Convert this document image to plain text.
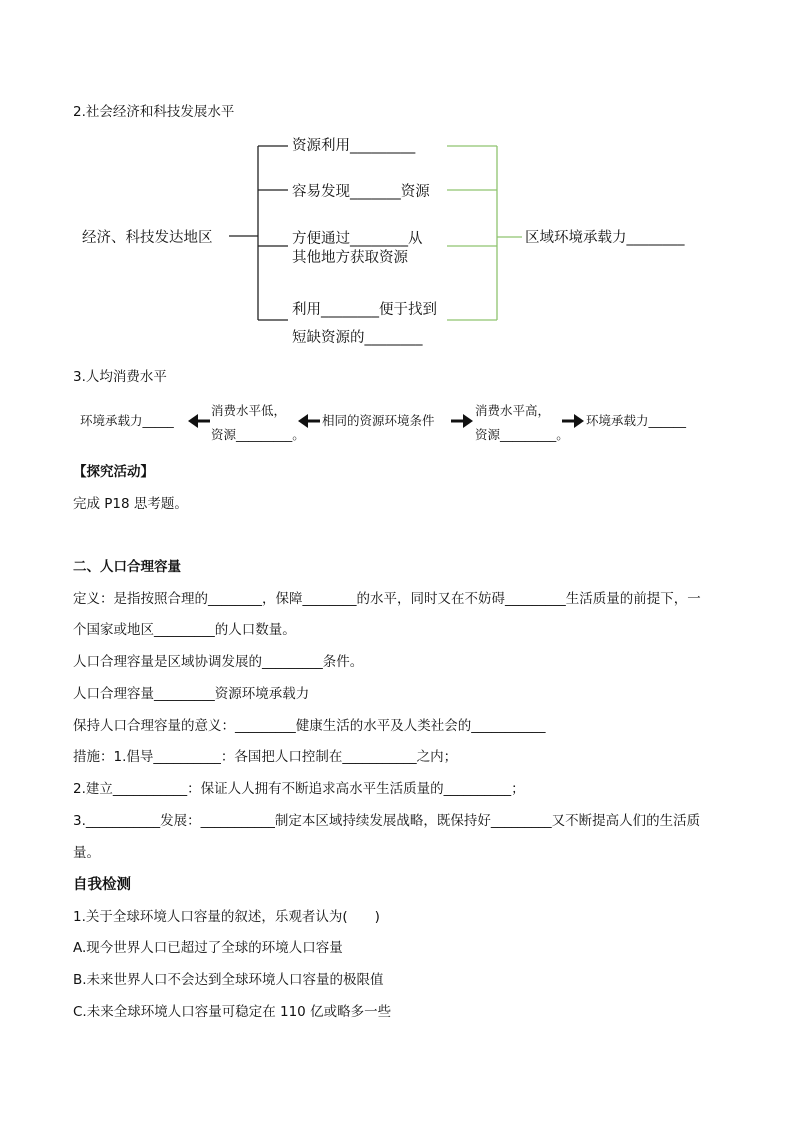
2.社会经济和科技发展水平
经济、科技发达地区
资源利用_________
容易发现_______资源
方便通过________从
其他地方获取资源
利用________便于找到
短缺资源的________
区域环境承载力________
3.人均消费水平
环境承载力_____
消费水平低，
资源_________。
相同的资源环境条件
消费水平高，
资源_________。
环境承载力______
【探究活动】
完成 P18 思考题。
二、人口合理容量
定义：是指按照合理的________，保障________的水平，同时又在不妨碍_________生活质量的前提下，一
个国家或地区_________的人口数量。
人口合理容量是区域协调发展的_________条件。
人口合理容量_________资源环境承载力
保持人口合理容量的意义：_________健康生活的水平及人类社会的___________
措施：1.倡导__________：各国把人口控制在___________之内；
2.建立___________：保证人人拥有不断追求高水平生活质量的__________；
3.___________发展：___________制定本区域持续发展战略，既保持好_________又不断提高人们的生活质
量。
自我检测
1.关于全球环境人口容量的叙述，乐观者认为(　　)
A.现今世界人口已超过了全球的环境人口容量
B.未来世界人口不会达到全球环境人口容量的极限值
C.未来全球环境人口容量可稳定在 110 亿或略多一些
